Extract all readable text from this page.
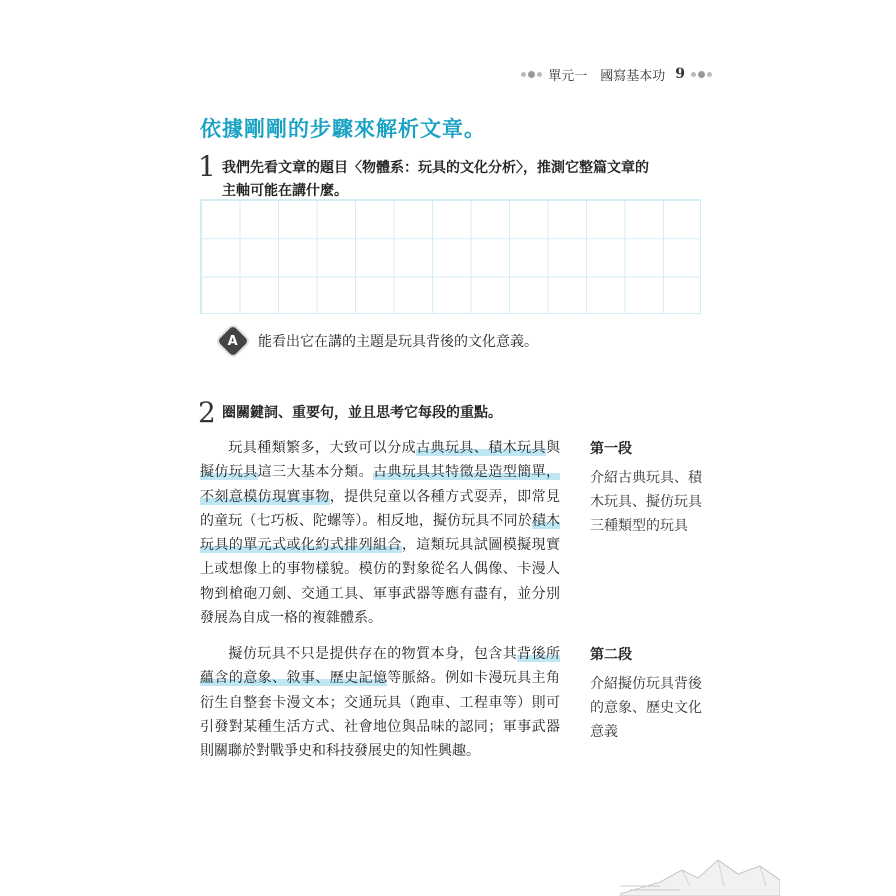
單元一　國寫基本功 9
依據剛剛的步驟來解析文章。
1 我們先看文章的題目〈物體系：玩具的文化分析〉，推測它整篇文章的
主軸可能在講什麼。
A 能看出它在講的主題是玩具背後的文化意義。
2 圈關鍵詞、重要句，並且思考它每段的重點。
玩具種類繁多，大致可以分成古典玩具、積木玩具與擬仿玩具這三大基本分類。古典玩具其特徵是造型簡單，不刻意模仿現實事物，提供兒童以各種方式耍弄，即常見的童玩（七巧板、陀螺等）。相反地，擬仿玩具不同於積木玩具的單元式或化約式排列組合，這類玩具試圖模擬現實上或想像上的事物樣貌。模仿的對象從名人偶像、卡漫人物到槍砲刀劍、交通工具、軍事武器等應有盡有，並分別發展為自成一格的複雜體系。
擬仿玩具不只是提供存在的物質本身，包含其背後所蘊含的意象、敘事、歷史記憶等脈絡。例如卡漫玩具主角衍生自整套卡漫文本；交通玩具（跑車、工程車等）則可引發對某種生活方式、社會地位與品味的認同；軍事武器則關聯於對戰爭史和科技發展史的知性興趣。
第一段
介紹古典玩具、積木玩具、擬仿玩具三種類型的玩具
第二段
介紹擬仿玩具背後的意象、歷史文化意義
